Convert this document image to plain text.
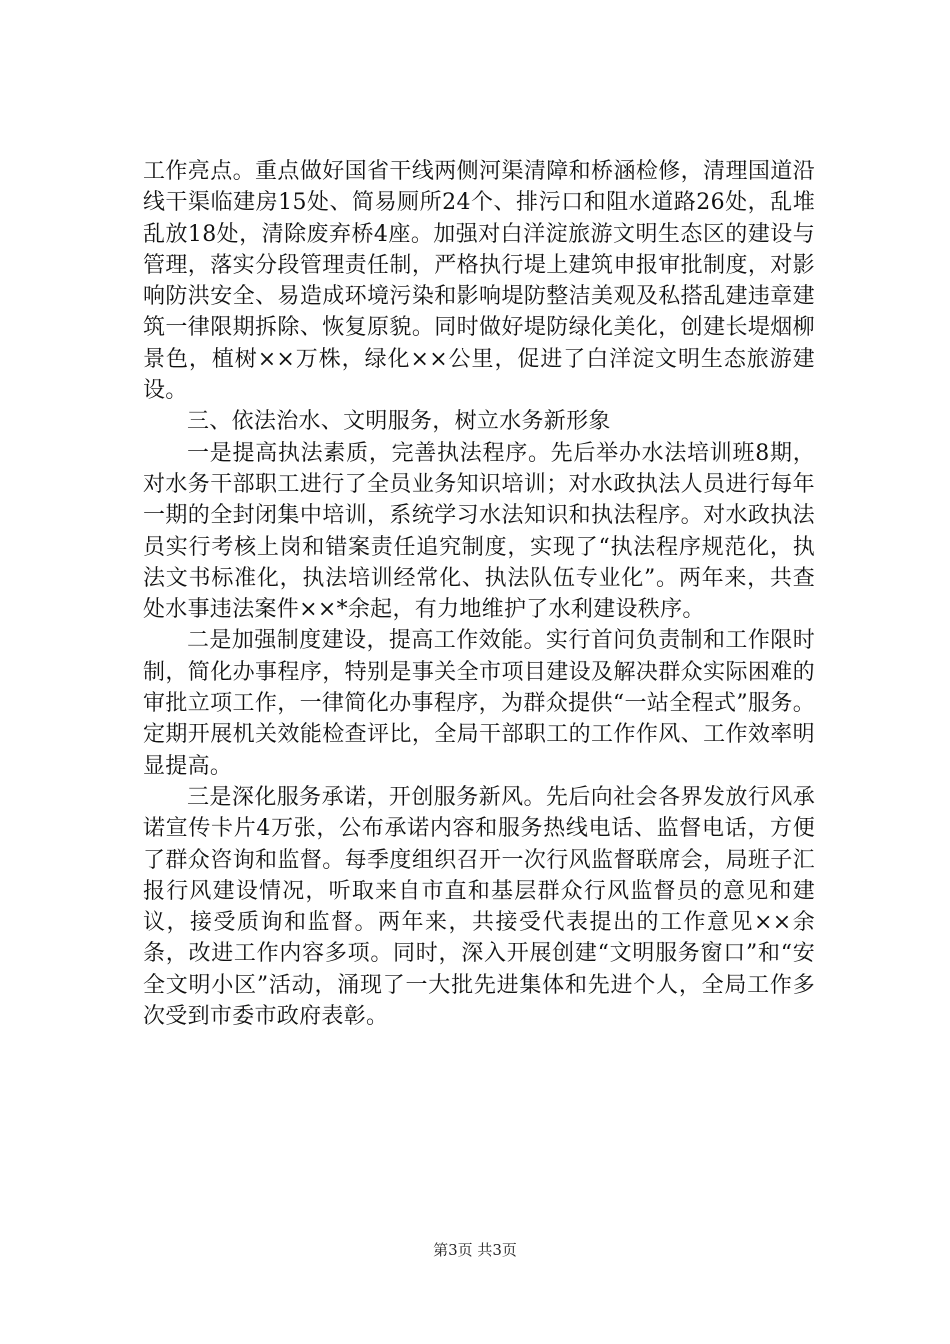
工作亮点。重点做好国省干线两侧河渠清障和桥涵检修，清理国道沿线干渠临建房15处、简易厕所24个、排污口和阻水道路26处，乱堆乱放18处，清除废弃桥4座。加强对白洋淀旅游文明生态区的建设与管理，落实分段管理责任制，严格执行堤上建筑申报审批制度，对影响防洪安全、易造成环境污染和影响堤防整洁美观及私搭乱建违章建筑一律限期拆除、恢复原貌。同时做好堤防绿化美化，创建长堤烟柳景色，植树××万株，绿化××公里，促进了白洋淀文明生态旅游建设。

三、依法治水、文明服务，树立水务新形象

一是提高执法素质，完善执法程序。先后举办水法培训班8期，对水务干部职工进行了全员业务知识培训；对水政执法人员进行每年一期的全封闭集中培训，系统学习水法知识和执法程序。对水政执法员实行考核上岗和错案责任追究制度，实现了“执法程序规范化，执法文书标准化，执法培训经常化、执法队伍专业化”。两年来，共查处水事违法案件××*余起，有力地维护了水利建设秩序。

二是加强制度建设，提高工作效能。实行首问负责制和工作限时制，简化办事程序，特别是事关全市项目建设及解决群众实际困难的审批立项工作，一律简化办事程序，为群众提供“一站全程式”服务。定期开展机关效能检查评比，全局干部职工的工作作风、工作效率明显提高。

三是深化服务承诺，开创服务新风。先后向社会各界发放行风承诺宣传卡片4万张，公布承诺内容和服务热线电话、监督电话，方便了群众咨询和监督。每季度组织召开一次行风监督联席会，局班子汇报行风建设情况，听取来自市直和基层群众行风监督员的意见和建议，接受质询和监督。两年来，共接受代表提出的工作意见××余条，改进工作内容多项。同时，深入开展创建“文明服务窗口”和“安全文明小区”活动，涌现了一大批先进集体和先进个人，全局工作多次受到市委市政府表彰。

第3页 共3页
